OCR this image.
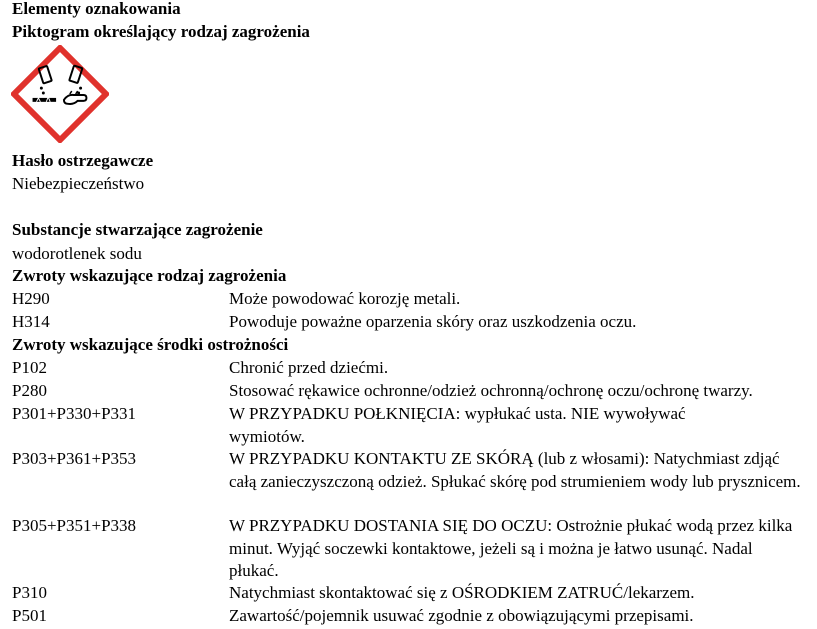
Elementy oznakowania
Piktogram określający rodzaj zagrożenia
Hasło ostrzegawcze
Niebezpieczeństwo
Substancje stwarzające zagrożenie
wodorotlenek sodu
Zwroty wskazujące rodzaj zagrożenia
H290	Może powodować korozję metali.
H314	Powoduje poważne oparzenia skóry oraz uszkodzenia oczu.
Zwroty wskazujące środki ostrożności
P102	Chronić przed dziećmi.
P280	Stosować rękawice ochronne/odzież ochronną/ochronę oczu/ochronę twarzy.
P301+P330+P331	W PRZYPADKU POŁKNIĘCIA: wypłukać usta. NIE wywoływać wymiotów.
P303+P361+P353	W PRZYPADKU KONTAKTU ZE SKÓRĄ (lub z włosami): Natychmiast zdjąć całą zanieczyszczoną odzież. Spłukać skórę pod strumieniem wody lub prysznicem.
P305+P351+P338	W PRZYPADKU DOSTANIA SIĘ DO OCZU: Ostrożnie płukać wodą przez kilka minut. Wyjąć soczewki kontaktowe, jeżeli są i można je łatwo usunąć. Nadal płukać.
P310	Natychmiast skontaktować się z OŚRODKIEM ZATRUĆ/lekarzem.
P501	Zawartość/pojemnik usuwać zgodnie z obowiązującymi przepisami.
